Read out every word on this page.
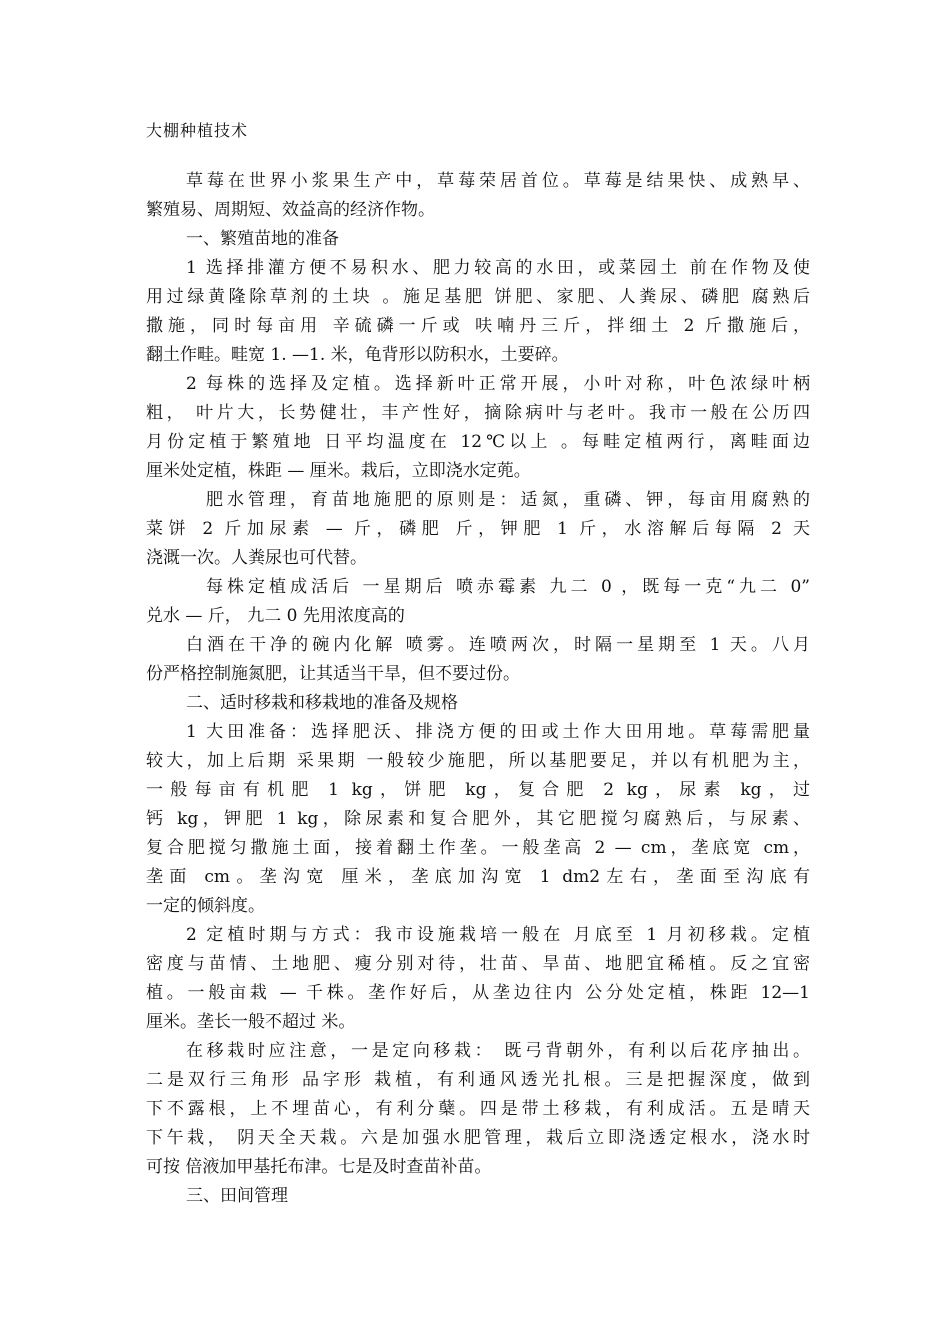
大棚种植技术
草莓在世界小浆果生产中，草莓荣居首位。草莓是结果快、成熟早、
繁殖易、周期短、效益高的经济作物。
一、繁殖苗地的准备
1 选择排灌方便不易积水、肥力较高的水田，或菜园土 前在作物及使
用过绿黄隆除草剂的土块 。施足基肥 饼肥、家肥、人粪尿、磷肥 腐熟后
撒施，同时每亩用 辛硫磷一斤或 呋喃丹三斤，拌细土 2 斤撒施后，
翻土作畦。畦宽 1. —1. 米，龟背形以防积水，土要碎。
2 每株的选择及定植。选择新叶正常开展，小叶对称，叶色浓绿叶柄
粗， 叶片大，长势健壮，丰产性好，摘除病叶与老叶。我市一般在公历四
月份定植于繁殖地 日平均温度在 12℃以上 。每畦定植两行，离畦面边
厘米处定植，株距 — 厘米。栽后，立即浇水定蔸。
肥水管理，育苗地施肥的原则是：适氮，重磷、钾，每亩用腐熟的
菜饼 2 斤加尿素 — 斤，磷肥 斤，钾肥 1 斤，水溶解后每隔 2 天
浇溉一次。人粪尿也可代替。
每株定植成活后 一星期后 喷赤霉素 九二 0 ，既每一克“九二 0”
兑水 — 斤， 九二 0 先用浓度高的
白酒在干净的碗内化解 喷雾。连喷两次，时隔一星期至 1 天。八月
份严格控制施氮肥，让其适当干旱，但不要过份。
二、适时移栽和移栽地的准备及规格
1 大田准备：选择肥沃、排浇方便的田或土作大田用地。草莓需肥量
较大，加上后期 采果期 一般较少施肥，所以基肥要足，并以有机肥为主，
一般每亩有机肥 1 kg，饼肥 kg，复合肥 2 kg，尿素 kg，过
钙 kg，钾肥 1 kg，除尿素和复合肥外，其它肥搅匀腐熟后，与尿素、
复合肥搅匀撒施土面，接着翻土作垄。一般垄高 2 — cm，垄底宽 cm，
垄面 cm。垄沟宽 厘米，垄底加沟宽 1 dm2左右，垄面至沟底有
一定的倾斜度。
2 定植时期与方式：我市设施栽培一般在 月底至 1 月初移栽。定植
密度与苗情、土地肥、瘦分别对待，壮苗、旱苗、地肥宜稀植。反之宜密
植。一般亩栽 — 千株。垄作好后，从垄边往内 公分处定植，株距 12—1
厘米。垄长一般不超过 米。
在移栽时应注意，一是定向移栽： 既弓背朝外，有利以后花序抽出。
二是双行三角形 品字形 栽植，有利通风透光扎根。三是把握深度，做到
下不露根，上不埋苗心，有利分蘖。四是带土移栽，有利成活。五是晴天
下午栽， 阴天全天栽。六是加强水肥管理，栽后立即浇透定根水，浇水时
可按 倍液加甲基托布津。七是及时查苗补苗。
三、田间管理
